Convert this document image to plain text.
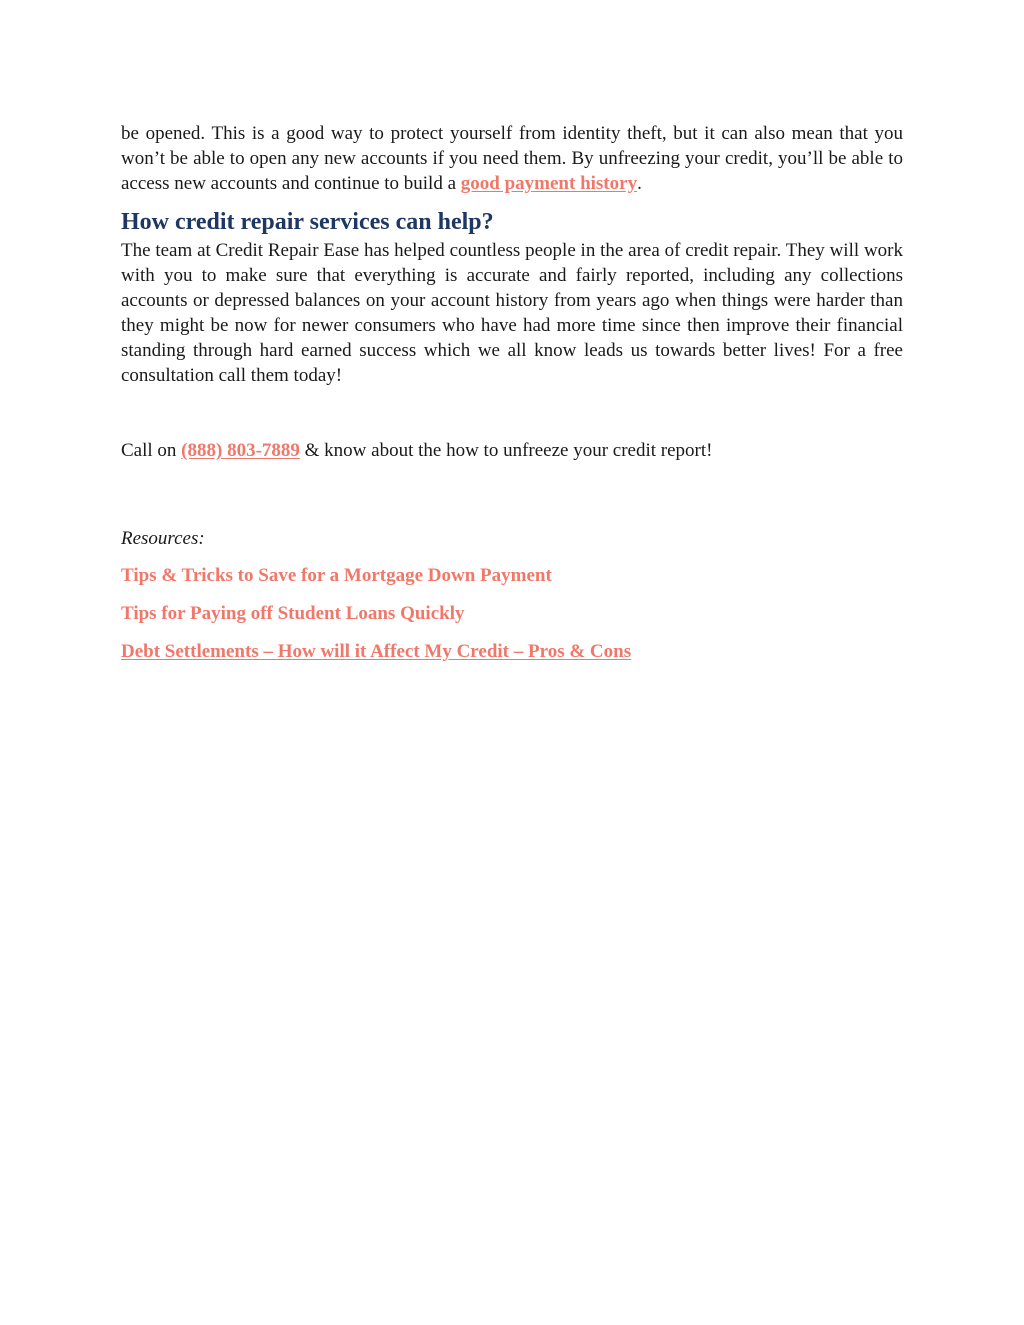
be opened. This is a good way to protect yourself from identity theft, but it can also mean that you won’t be able to open any new accounts if you need them. By unfreezing your credit, you’ll be able to access new accounts and continue to build a good payment history.

How credit repair services can help?

The team at Credit Repair Ease has helped countless people in the area of credit repair. They will work with you to make sure that everything is accurate and fairly reported, including any collections accounts or depressed balances on your account history from years ago when things were harder than they might be now for newer consumers who have had more time since then improve their financial standing through hard earned success which we all know leads us towards better lives! For a free consultation call them today!

Call on (888) 803-7889 & know about the how to unfreeze your credit report!

Resources:

Tips & Tricks to Save for a Mortgage Down Payment
Tips for Paying off Student Loans Quickly
Debt Settlements – How will it Affect My Credit – Pros & Cons
